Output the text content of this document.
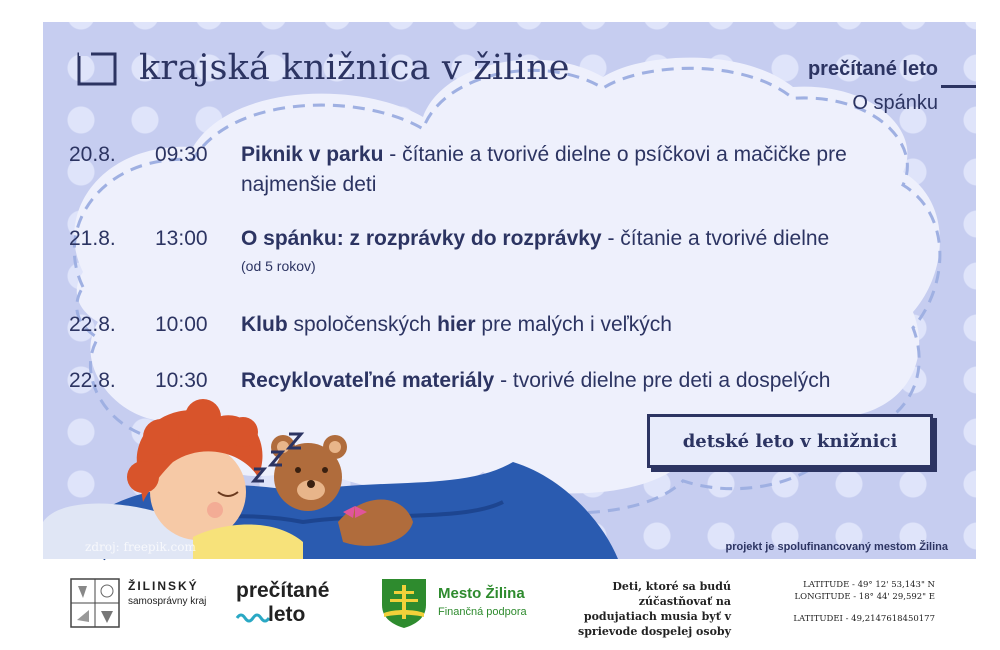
krajská knižnica v žiline	prečítané leto
O spánku
20.8. 09:30 Piknik v parku - čítanie a tvorivé dielne o psíčkovi a mačičke pre najmenšie deti
21.8. 13:00 O spánku: z rozprávky do rozprávky - čítanie a tvorivé dielne
(od 5 rokov)
22.8. 10:00 Klub spoločenských hier pre malých i veľkých
22.8. 10:30 Recyklovateľné materiály - tvorivé dielne pre deti a dospelých
detské leto v knižnici
zdroj: freepik.com	projekt je spolufinancovaný mestom Žilina
ŽILINSKÝ
samosprávny kraj prečítané
leto
Mesto Žilina
Finančná podpora
Deti, ktoré sa budú zúčastňovať na podujatiach musia byť v sprievode dospelej osoby
LATITUDE - 49° 12' 53,143" N
LONGITUDE - 18° 44' 29,592" E
LATITUDEI - 49,2147618450177
